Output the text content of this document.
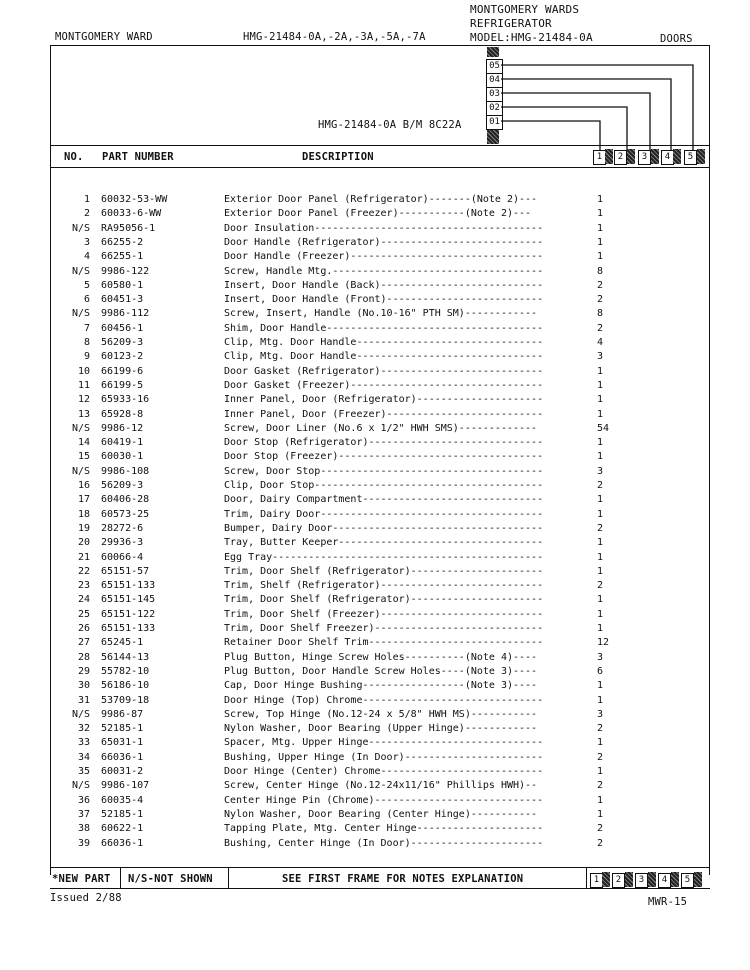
MONTGOMERY WARD	HMG-21484-0A,-2A,-3A,-5A,-7A
MONTGOMERY WARDS
REFRIGERATOR
MODEL:HMG-21484-0A	DOORS
05
04
03
02
01
HMG-21484-0A B/M 8C22A
NO. PART NUMBER	DESCRIPTION	1	2	3	4	5
1 60032-53-WW	Exterior Door Panel (Refrigerator)-------(Note 2)---	1
2 60033-6-WW	Exterior Door Panel (Freezer)-----------(Note 2)---	1
N/S RA95056-1	Door Insulation--------------------------------------	1
3 66255-2	Door Handle (Refrigerator)---------------------------	1
4 66255-1	Door Handle (Freezer)--------------------------------	1
N/S 9986-122	Screw, Handle Mtg.-----------------------------------	8
5 60580-1	Insert, Door Handle (Back)---------------------------	2
6 60451-3	Insert, Door Handle (Front)--------------------------	2
N/S 9986-112	Screw, Insert, Handle (No.10-16" PTH SM)------------	8
7 60456-1	Shim, Door Handle------------------------------------	2
8 56209-3	Clip, Mtg. Door Handle-------------------------------	4
9 60123-2	Clip, Mtg. Door Handle-------------------------------	3
10 66199-6	Door Gasket (Refrigerator)---------------------------	1
11 66199-5	Door Gasket (Freezer)--------------------------------	1
12 65933-16	Inner Panel, Door (Refrigerator)---------------------	1
13 65928-8	Inner Panel, Door (Freezer)--------------------------	1
N/S 9986-12	Screw, Door Liner (No.6 x 1/2" HWH SMS)-------------	54
14 60419-1	Door Stop (Refrigerator)-----------------------------	1
15 60030-1	Door Stop (Freezer)----------------------------------	1
N/S 9986-108	Screw, Door Stop-------------------------------------	3
16 56209-3	Clip, Door Stop--------------------------------------	2
17 60406-28	Door, Dairy Compartment------------------------------	1
18 60573-25	Trim, Dairy Door-------------------------------------	1
19 28272-6	Bumper, Dairy Door-----------------------------------	2
20 29936-3	Tray, Butter Keeper----------------------------------	1
21 60066-4	Egg Tray---------------------------------------------	1
22 65151-57	Trim, Door Shelf (Refrigerator)----------------------	1
23 65151-133	Trim, Shelf (Refrigerator)---------------------------	2
24 65151-145	Trim, Door Shelf (Refrigerator)----------------------	1
25 65151-122	Trim, Door Shelf (Freezer)---------------------------	1
26 65151-133	Trim, Door Shelf Freezer)----------------------------	1
27 65245-1	Retainer Door Shelf Trim-----------------------------	12
28 56144-13	Plug Button, Hinge Screw Holes----------(Note 4)----	3
29 55782-10	Plug Button, Door Handle Screw Holes----(Note 3)----	6
30 56186-10	Cap, Door Hinge Bushing-----------------(Note 3)----	1
31 53709-18	Door Hinge (Top) Chrome------------------------------	1
N/S 9986-87	Screw, Top Hinge (No.12-24 x 5/8" HWH MS)-----------	3
32 52185-1	Nylon Washer, Door Bearing (Upper Hinge)------------	2
33 65031-1	Spacer, Mtg. Upper Hinge-----------------------------	1
34 66036-1	Bushing, Upper Hinge (In Door)-----------------------	2
35 60031-2	Door Hinge (Center) Chrome---------------------------	1
N/S 9986-107	Screw, Center Hinge (No.12-24x11/16" Phillips HWH)--	2
36 60035-4	Center Hinge Pin (Chrome)----------------------------	1
37 52185-1	Nylon Washer, Door Bearing (Center Hinge)-----------	1
38 60622-1	Tapping Plate, Mtg. Center Hinge---------------------	2
39 66036-1	Bushing, Center Hinge (In Door)----------------------	2
*NEW PART N/S-NOT SHOWN	SEE FIRST FRAME FOR NOTES EXPLANATION	1	2	3	4	5
Issued 2/88	MWR-15
